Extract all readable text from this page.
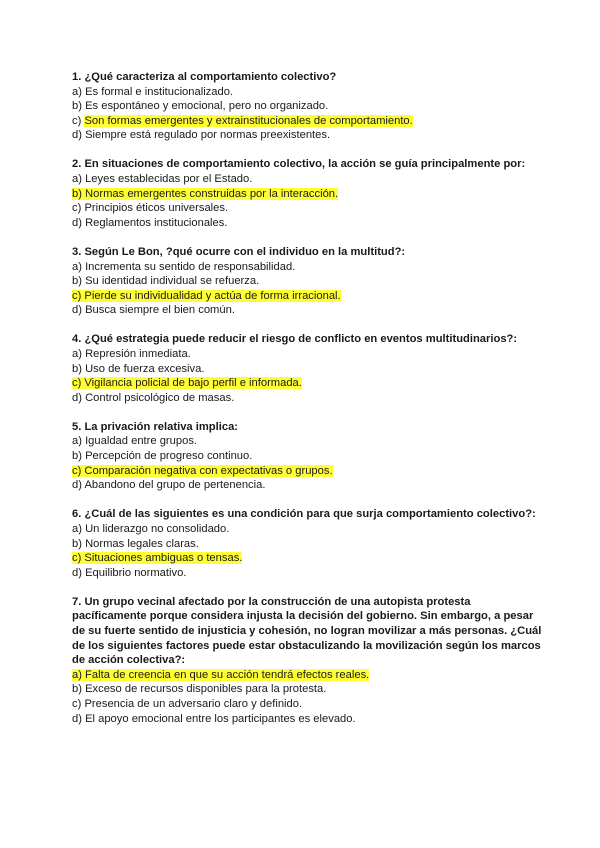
1. ¿Qué caracteriza al comportamiento colectivo?

a) Es formal e institucionalizado.

b) Es espontáneo y emocional, pero no organizado.

c) Son formas emergentes y extrainstitucionales de comportamiento.

d) Siempre está regulado por normas preexistentes.

2. En situaciones de comportamiento colectivo, la acción se guía principalmente por:

a) Leyes establecidas por el Estado.

b) Normas emergentes construidas por la interacción.

c) Principios éticos universales.

d) Reglamentos institucionales.

3. Según Le Bon, ?qué ocurre con el individuo en la multitud?:

a) Incrementa su sentido de responsabilidad.

b) Su identidad individual se refuerza.

c) Pierde su individualidad y actúa de forma irracional.

d) Busca siempre el bien común.

4. ¿Qué estrategia puede reducir el riesgo de conflicto en eventos multitudinarios?:

a) Represión inmediata.

b) Uso de fuerza excesiva.

c) Vigilancia policial de bajo perfil e informada.

d) Control psicológico de masas.

5. La privación relativa implica:

a) Igualdad entre grupos.

b) Percepción de progreso continuo.

c) Comparación negativa con expectativas o grupos.

d) Abandono del grupo de pertenencia.

6. ¿Cuál de las siguientes es una condición para que surja comportamiento colectivo?:

a) Un liderazgo no consolidado.

b) Normas legales claras.

c) Situaciones ambiguas o tensas.

d) Equilibrio normativo.

7. Un grupo vecinal afectado por la construcción de una autopista protesta pacíficamente porque considera injusta la decisión del gobierno. Sin embargo, a pesar de su fuerte sentido de injusticia y cohesión, no logran movilizar a más personas. ¿Cuál de los siguientes factores puede estar obstaculizando la movilización según los marcos de acción colectiva?:

a) Falta de creencia en que su acción tendrá efectos reales.

b) Exceso de recursos disponibles para la protesta.

c) Presencia de un adversario claro y definido.

d) El apoyo emocional entre los participantes es elevado.
